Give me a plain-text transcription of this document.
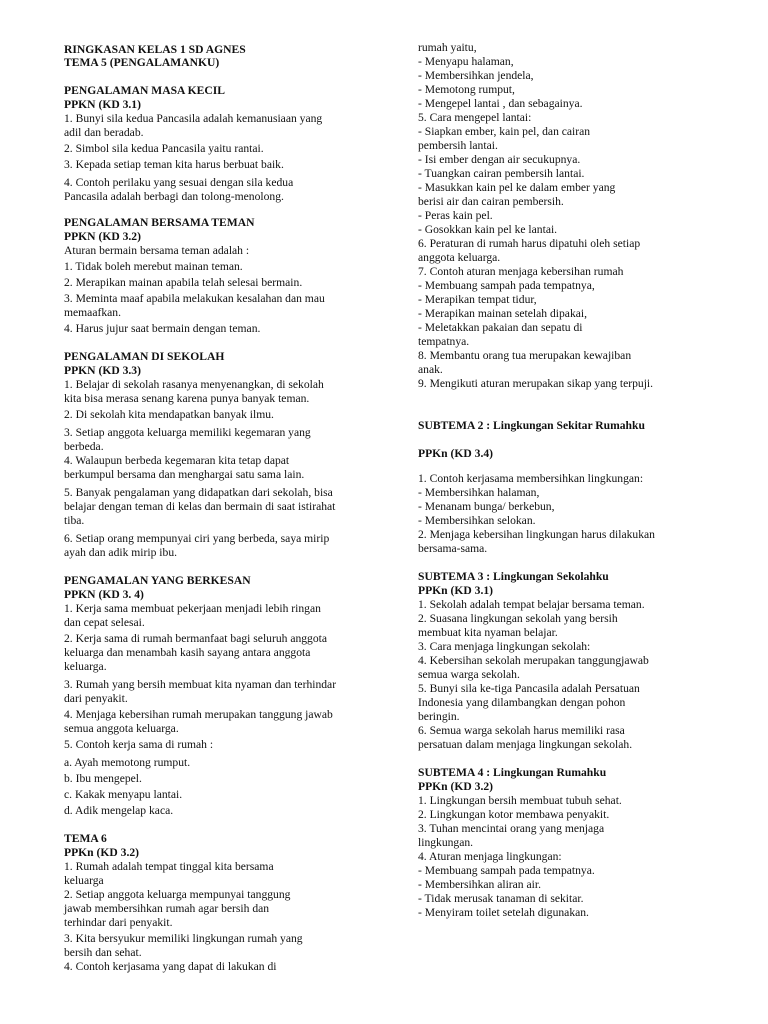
RINGKASAN KELAS 1 SD AGNES
TEMA 5 (PENGALAMANKU)
PENGALAMAN MASA KECIL
PPKN (KD 3.1)
1. Bunyi sila kedua Pancasila adalah kemanusiaan yang
adil dan beradab.
2. Simbol sila kedua Pancasila yaitu rantai.
3. Kepada setiap teman kita harus berbuat baik.
4. Contoh perilaku yang sesuai dengan sila kedua
Pancasila adalah berbagi dan tolong-menolong.
PENGALAMAN BERSAMA TEMAN
PPKN (KD 3.2)
Aturan bermain bersama teman adalah :
1. Tidak boleh merebut mainan teman.
2. Merapikan mainan apabila telah selesai bermain.
3. Meminta maaf apabila melakukan kesalahan dan mau
memaafkan.
4. Harus jujur saat bermain dengan teman.
PENGALAMAN DI SEKOLAH
PPKN (KD 3.3)
1. Belajar di sekolah rasanya menyenangkan, di sekolah
kita bisa merasa senang karena punya banyak teman.
2. Di sekolah kita mendapatkan banyak ilmu.
3. Setiap anggota keluarga memiliki kegemaran yang
berbeda.
4. Walaupun berbeda kegemaran kita tetap dapat
berkumpul bersama dan menghargai satu sama lain.
5. Banyak pengalaman yang didapatkan dari sekolah, bisa
belajar dengan teman di kelas dan bermain di saat istirahat
tiba.
6. Setiap orang mempunyai ciri yang berbeda, saya mirip
ayah dan adik mirip ibu.
PENGAMALAN YANG BERKESAN
PPKN (KD 3. 4)
1. Kerja sama membuat pekerjaan menjadi lebih ringan
dan cepat selesai.
2. Kerja sama di rumah bermanfaat bagi seluruh anggota
keluarga dan menambah kasih sayang antara anggota
keluarga.
3. Rumah yang bersih membuat kita nyaman dan terhindar
dari penyakit.
4. Menjaga kebersihan rumah merupakan tanggung jawab
semua anggota keluarga.
5. Contoh kerja sama di rumah :
a. Ayah memotong rumput.
b. Ibu mengepel.
c. Kakak menyapu lantai.
d. Adik mengelap kaca.
TEMA 6
PPKn (KD 3.2)
1. Rumah adalah tempat tinggal kita bersama
keluarga
2. Setiap anggota keluarga mempunyai tanggung
jawab membersihkan rumah agar bersih dan
terhindar dari penyakit.
3. Kita bersyukur memiliki lingkungan rumah yang
bersih dan sehat.
4. Contoh kerjasama yang dapat di lakukan di
rumah yaitu,
- Menyapu halaman,
- Membersihkan jendela,
- Memotong rumput,
- Mengepel lantai , dan sebagainya.
5. Cara mengepel lantai:
- Siapkan ember, kain pel, dan cairan
pembersih lantai.
- Isi ember dengan air secukupnya.
- Tuangkan cairan pembersih lantai.
- Masukkan kain pel ke dalam ember yang
berisi air dan cairan pembersih.
- Peras kain pel.
- Gosokkan kain pel ke lantai.
6. Peraturan di rumah harus dipatuhi oleh setiap
anggota keluarga.
7. Contoh aturan menjaga kebersihan rumah
- Membuang sampah pada tempatnya,
- Merapikan tempat tidur,
- Merapikan mainan setelah dipakai,
- Meletakkan pakaian dan sepatu di
tempatnya.
8. Membantu orang tua merupakan kewajiban
anak.
9. Mengikuti aturan merupakan sikap yang terpuji.
SUBTEMA 2 : Lingkungan Sekitar Rumahku
PPKn (KD 3.4)
1. Contoh kerjasama membersihkan lingkungan:
- Membersihkan halaman,
- Menanam bunga/ berkebun,
- Membersihkan selokan.
2. Menjaga kebersihan lingkungan harus dilakukan
bersama-sama.
SUBTEMA 3 : Lingkungan Sekolahku
PPKn (KD 3.1)
1. Sekolah adalah tempat belajar bersama teman.
2. Suasana lingkungan sekolah yang bersih
membuat kita nyaman belajar.
3. Cara menjaga lingkungan sekolah:
4. Kebersihan sekolah merupakan tanggungjawab
semua warga sekolah.
5. Bunyi sila ke-tiga Pancasila adalah Persatuan
Indonesia yang dilambangkan dengan pohon
beringin.
6. Semua warga sekolah harus memiliki rasa
persatuan dalam menjaga lingkungan sekolah.
SUBTEMA 4 : Lingkungan Rumahku
PPKn (KD 3.2)
1. Lingkungan bersih membuat tubuh sehat.
2. Lingkungan kotor membawa penyakit.
3. Tuhan mencintai orang yang menjaga
lingkungan.
4. Aturan menjaga lingkungan:
- Membuang sampah pada tempatnya.
- Membersihkan aliran air.
- Tidak merusak tanaman di sekitar.
- Menyiram toilet setelah digunakan.
